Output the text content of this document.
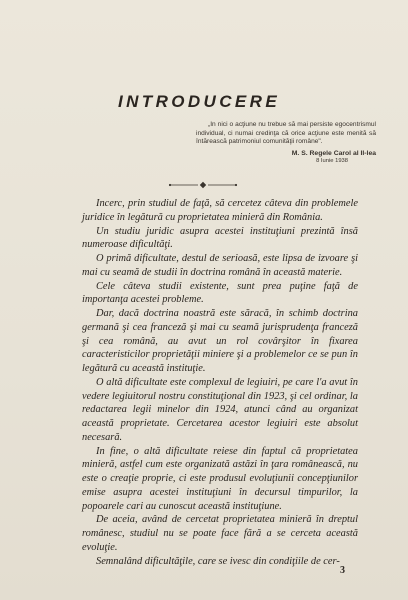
INTRODUCERE
„In nici o acţiune nu trebue să mai persiste egocentrismul individual, ci numai credinţa că orice acţiune este menită să întărească patrimoniul comunităţii române".
M. S. Regele Carol al II-lea
8 Iunie 1938

Incerc, prin studiul de faţă, să cercetez câteva din problemele juridice în legătură cu proprietatea minieră din România.

Un studiu juridic asupra acestei instituţiuni prezintă însă numeroase dificultăţi.

O primă dificultate, destul de serioasă, este lipsa de izvoare şi mai cu seamă de studii în doctrina română în această materie.

Cele câteva studii existente, sunt prea puţine faţă de importanţa acestei probleme.

Dar, dacă doctrina noastră este săracă, în schimb doctrina germană şi cea franceză şi mai cu seamă jurisprudenţa franceză şi cea română, au avut un rol covârşitor în fixarea caracteristicilor proprietăţii miniere şi a problemelor ce se pun în legătură cu această instituţie.

O altă dificultate este complexul de legiuiri, pe care l'a avut în vedere legiuitorul nostru constituţional din 1923, şi cel ordinar, la redactarea legii minelor din 1924, atunci când au organizat această proprietate. Cercetarea acestor legiuiri este absolut necesară.

In fine, o altă dificultate reiese din faptul că proprietatea minieră, astfel cum este organizată astăzi în ţara românească, nu este o creaţie proprie, ci este produsul evoluţiunii concepţiunilor emise asupra acestei instituţiuni în decursul timpurilor, la popoarele cari au cunoscut această instituţiune.

De aceia, având de cercetat proprietatea minieră în dreptul românesc, studiul nu se poate face fără a se cerceta această evoluţie.

Semnalând dificultăţile, care se ivesc din condiţiile de cer-

3
